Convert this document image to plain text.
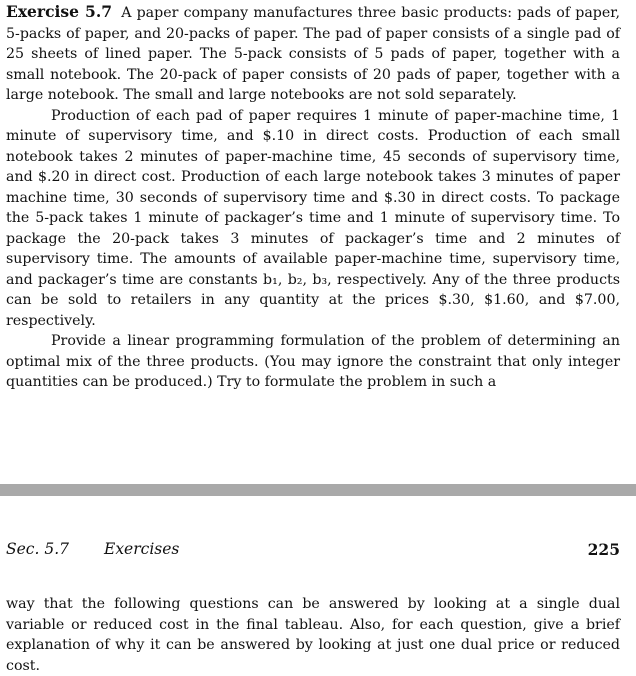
Exercise 5.7 A paper company manufactures three basic products: pads of paper, 5-packs of paper, and 20-packs of paper. The pad of paper consists of a single pad of 25 sheets of lined paper. The 5-pack consists of 5 pads of paper, together with a small notebook. The 20-pack of paper consists of 20 pads of paper, together with a large notebook. The small and large notebooks are not sold separately.

Production of each pad of paper requires 1 minute of paper-machine time, 1 minute of supervisory time, and $.10 in direct costs. Production of each small notebook takes 2 minutes of paper-machine time, 45 seconds of supervisory time, and $.20 in direct cost. Production of each large notebook takes 3 minutes of paper machine time, 30 seconds of supervisory time and $.30 in direct costs. To package the 5-pack takes 1 minute of packager’s time and 1 minute of supervisory time. To package the 20-pack takes 3 minutes of packager’s time and 2 minutes of supervisory time. The amounts of available paper-machine time, supervisory time, and packager’s time are constants b₁, b₂, b₃, respectively. Any of the three products can be sold to retailers in any quantity at the prices $.30, $1.60, and $7.00, respectively.

Provide a linear programming formulation of the problem of determining an optimal mix of the three products. (You may ignore the constraint that only integer quantities can be produced.) Try to formulate the problem in such a

Sec. 5.7 Exercises	225

way that the following questions can be answered by looking at a single dual variable or reduced cost in the final tableau. Also, for each question, give a brief explanation of why it can be answered by looking at just one dual price or reduced cost.
